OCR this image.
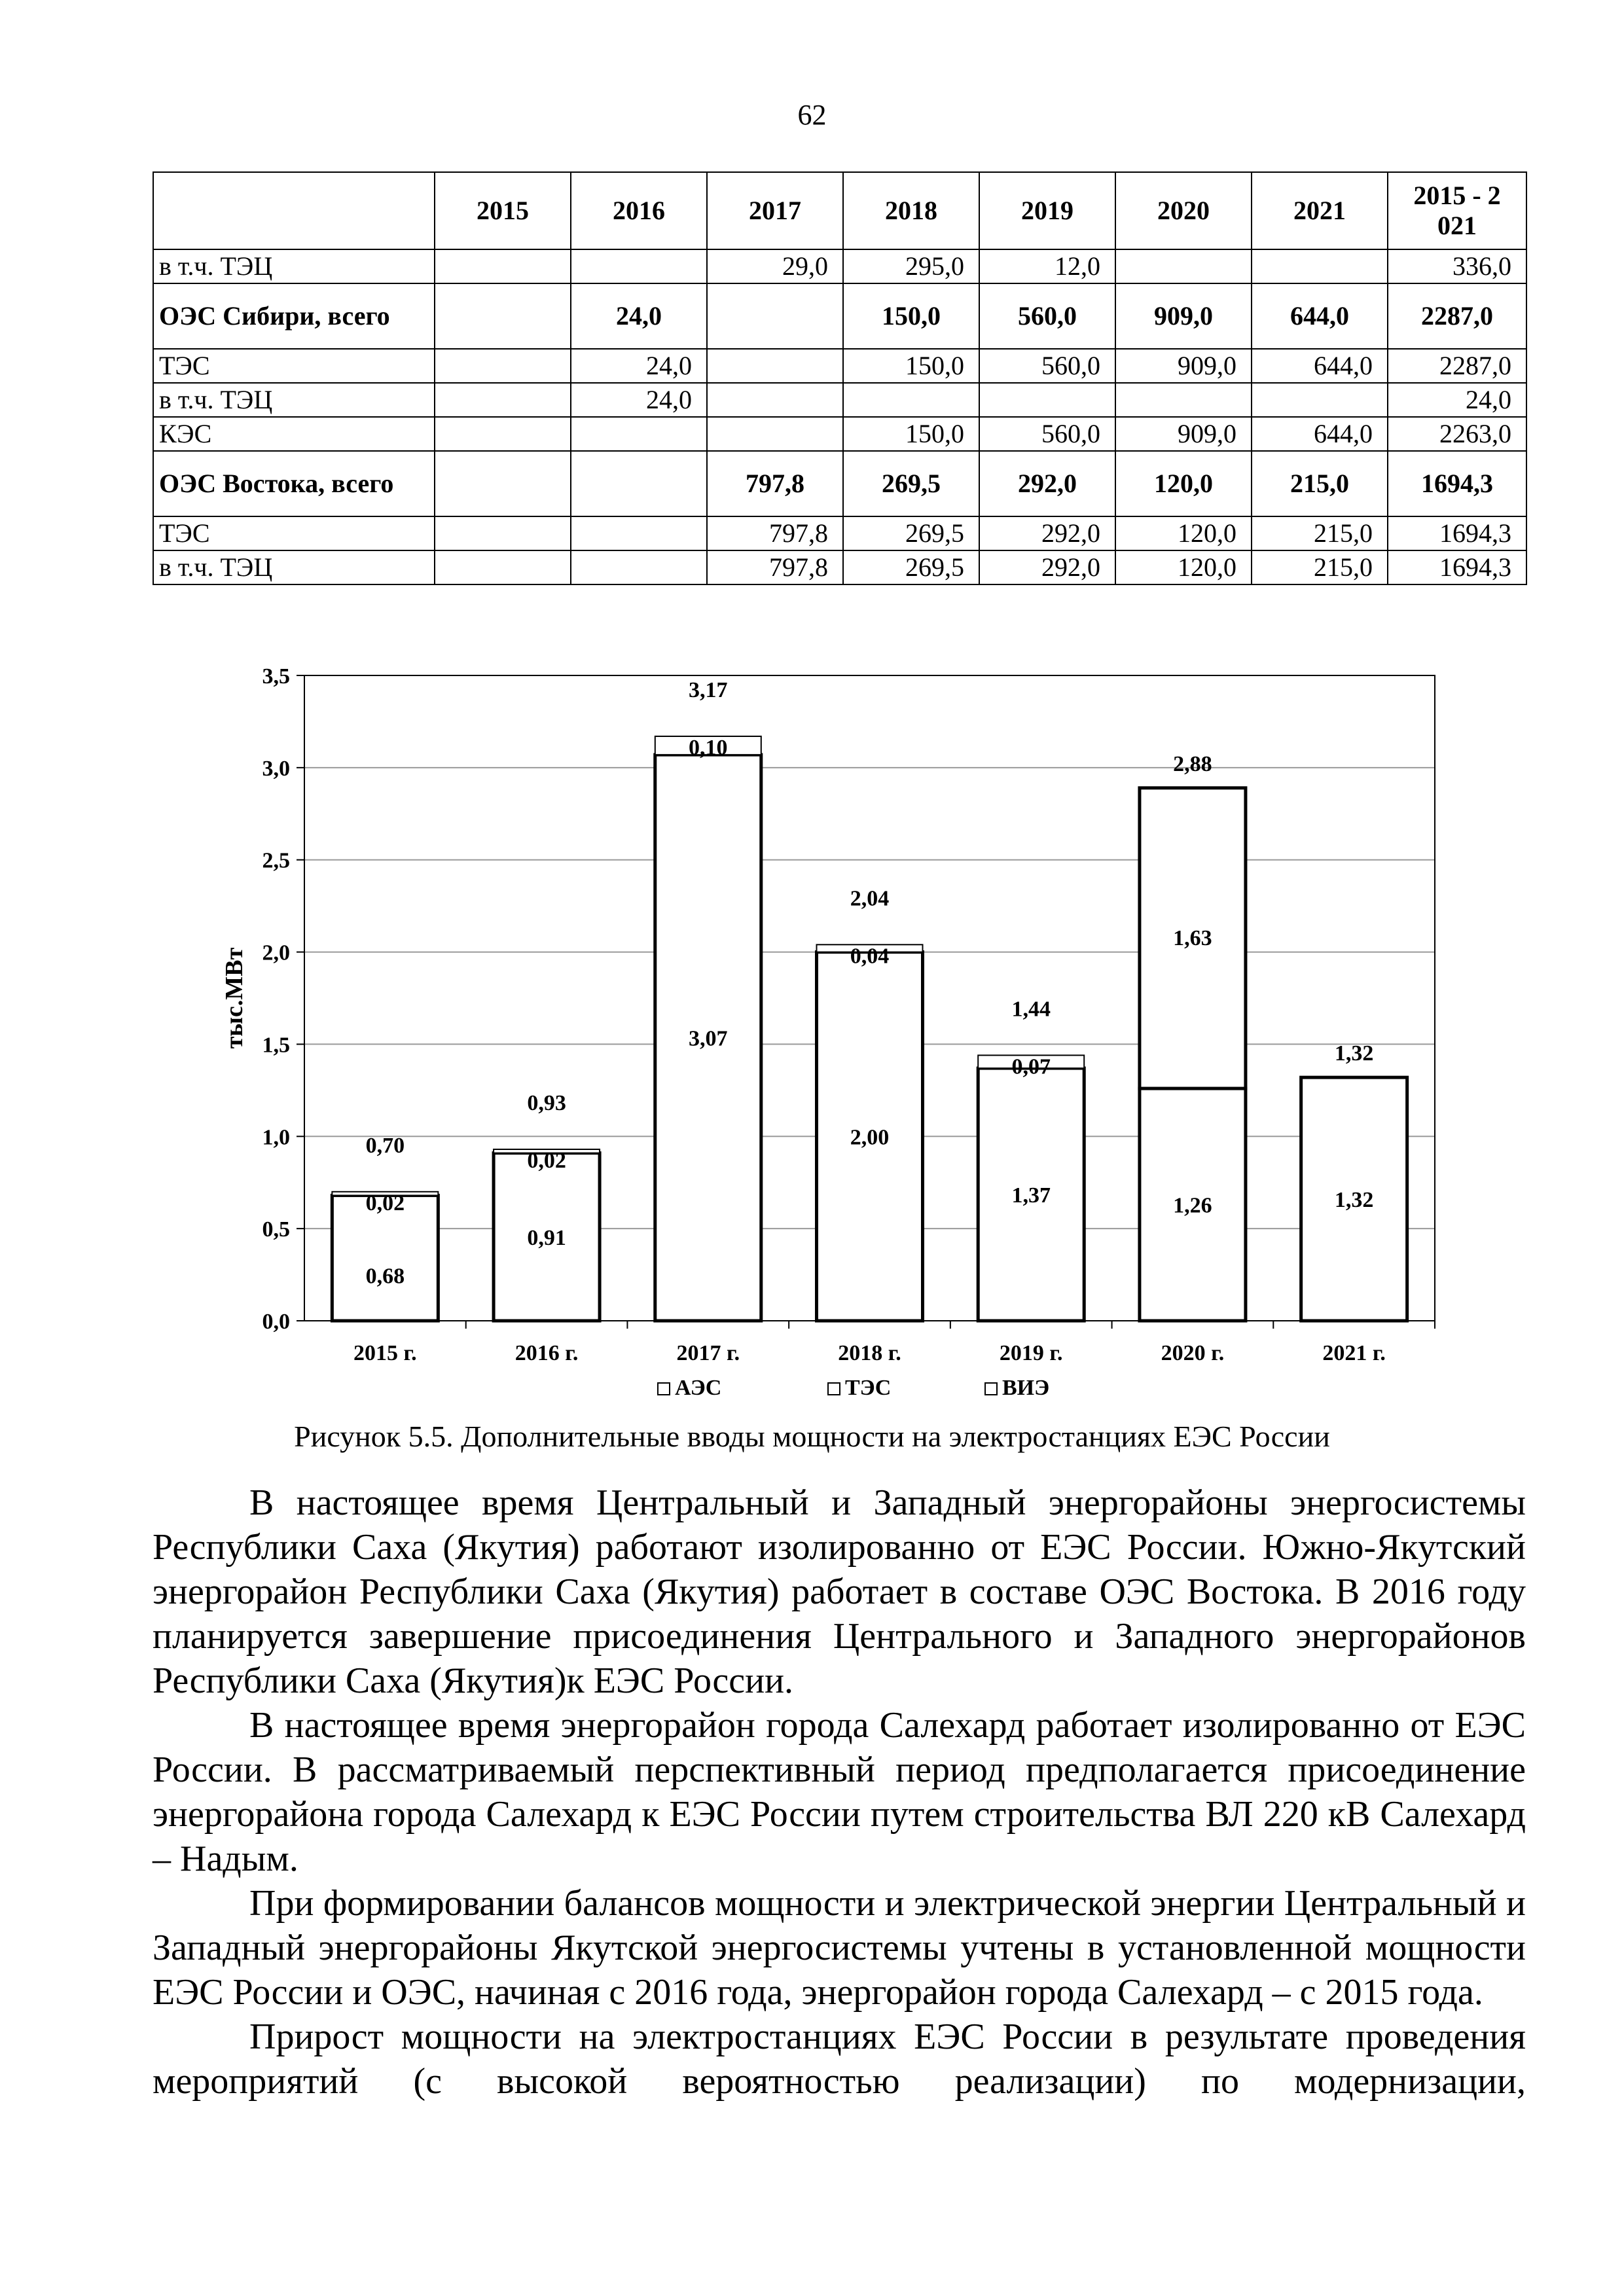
62
	2015	2016	2017	2018	2019	2020	2021	2015 - 2
021
в т.ч. ТЭЦ			29,0	295,0	12,0			336,0
ОЭС Сибири, всего		24,0		150,0	560,0	909,0	644,0	2287,0
ТЭС		24,0		150,0	560,0	909,0	644,0	2287,0
в т.ч. ТЭЦ		24,0						24,0
КЭС				150,0	560,0	909,0	644,0	2263,0
ОЭС Востока, всего			797,8	269,5	292,0	120,0	215,0	1694,3
ТЭС			797,8	269,5	292,0	120,0	215,0	1694,3
в т.ч. ТЭЦ			797,8	269,5	292,0	120,0	215,0	1694,3
0,0
0,5
1,0
1,5
2,0
2,5
3,0
3,5
тыс.МВт
2015 г.
0,70
0,02
0,68
2016 г.
0,93
0,02
0,91
2017 г.
3,17
0,10
3,07
2018 г.
2,04
0,04
2,00
2019 г.
1,44
0,07
1,37
2020 г.
2,88
1,63
1,26
2021 г.
1,32
1,32
АЭС	ТЭС	ВИЭ
Рисунок 5.5. Дополнительные вводы мощности на электростанциях ЕЭС России

В настоящее время Центральный и Западный энергорайоны энергосистемы Республики Саха (Якутия) работают изолированно от ЕЭС России. Южно-Якутский энергорайон Республики Саха (Якутия) работает в составе ОЭС Востока. В 2016 году планируется завершение присоединения Центрального и Западного энергорайонов Республики Саха (Якутия)к ЕЭС России.

В настоящее время энергорайон города Салехард работает изолированно от ЕЭС России. В рассматриваемый перспективный период предполагается присоединение энергорайона города Салехард к ЕЭС России путем строительства ВЛ 220 кВ Салехард – Надым.

При формировании балансов мощности и электрической энергии Центральный и Западный энергорайоны Якутской энергосистемы учтены в установленной мощности ЕЭС России и ОЭС, начиная с 2016 года, энергорайон города Салехард – с 2015 года.

Прирост мощности на электростанциях ЕЭС России в результате проведения мероприятий (с высокой вероятностью реализации) по модернизации,
